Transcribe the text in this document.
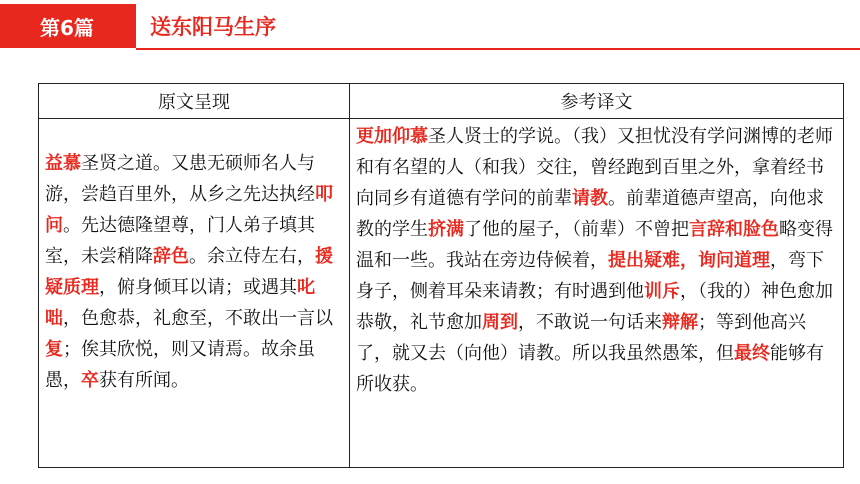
第6篇	送东阳马生序
原文呈现	参考译文
益慕圣贤之道。又患无硕师名人与游，尝趋百里外，从乡之先达执经叩问。先达德隆望尊，门人弟子填其室，未尝稍降辞色。余立侍左右，援疑质理，俯身倾耳以请；或遇其叱咄，色愈恭，礼愈至，不敢出一言以复；俟其欣悦，则又请焉。故余虽愚，卒获有所闻。	更加仰慕圣人贤士的学说。（我）又担忧没有学问渊博的老师和有名望的人（和我）交往，曾经跑到百里之外，拿着经书向同乡有道德有学问的前辈请教。前辈道德声望高，向他求教的学生挤满了他的屋子，（前辈）不曾把言辞和脸色略变得温和一些。我站在旁边侍候着，提出疑难，询问道理，弯下身子，侧着耳朵来请教；有时遇到他训斥，（我的）神色愈加恭敬，礼节愈加周到，不敢说一句话来辩解；等到他高兴了，就又去（向他）请教。所以我虽然愚笨，但最终能够有所收获。
